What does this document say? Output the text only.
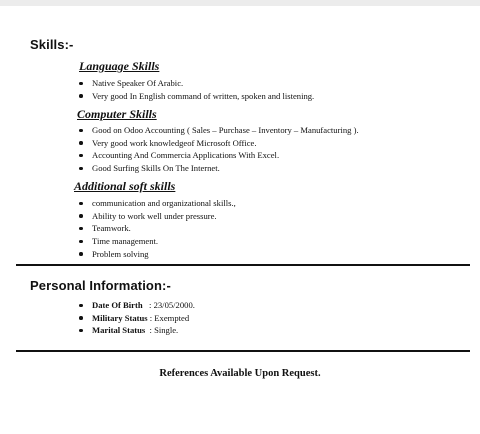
Skills:-
Language Skills
Native Speaker Of Arabic.
Very good In English command of written, spoken and listening.
Computer Skills
Good on Odoo Accounting ( Sales – Purchase – Inventory – Manufacturing ).
Very good work knowledgeof Microsoft Office.
Accounting And Commercia Applications With Excel.
Good Surfing Skills On The Internet.
Additional soft skills
communication and organizational skills.,
Ability to work well under pressure.
Teamwork.
Time management.
Problem solving
Personal Information:-
Date Of Birth   : 23/05/2000.
Military Status : Exempted
Marital Status  : Single.
References Available Upon Request.
